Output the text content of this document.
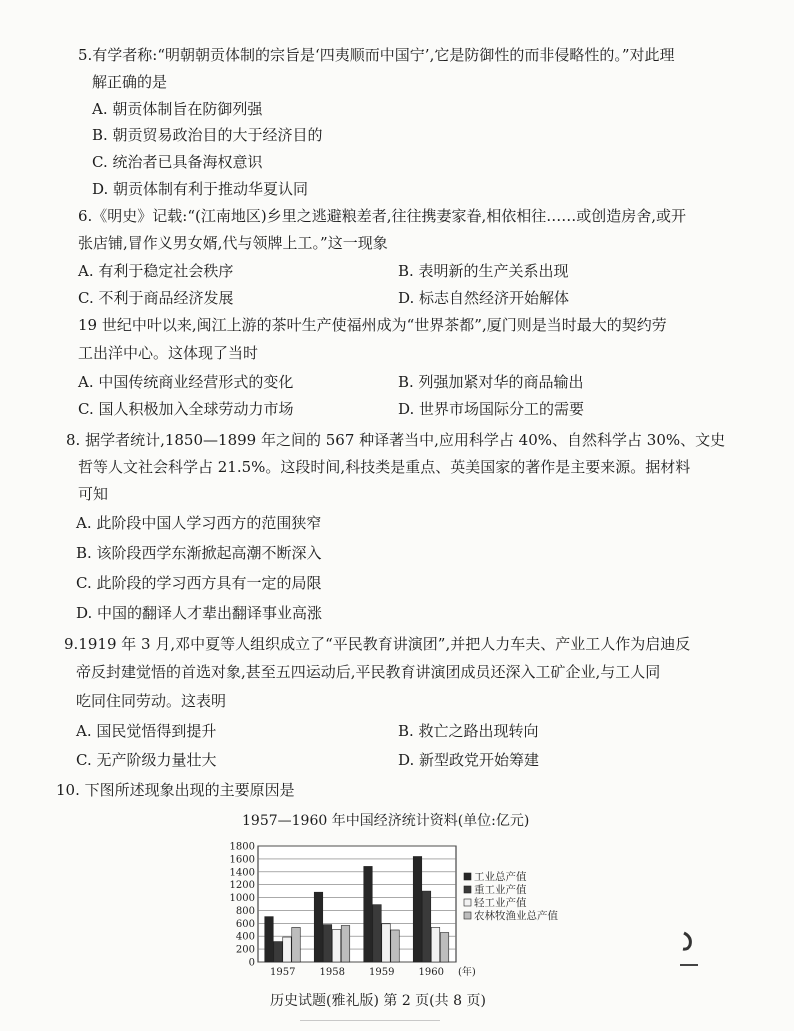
5.有学者称:“明朝朝贡体制的宗旨是‘四夷顺而中国宁’,它是防御性的而非侵略性的。”对此理
解正确的是
A. 朝贡体制旨在防御列强
B. 朝贡贸易政治目的大于经济目的
C. 统治者已具备海权意识
D. 朝贡体制有利于推动华夏认同
6.《明史》记载:“(江南地区)乡里之逃避粮差者,往往携妻家眷,相依相往……或创造房舍,或开
张店铺,冒作义男女婿,代与领牌上工。”这一现象
A. 有利于稳定社会秩序	B. 表明新的生产关系出现
C. 不利于商品经济发展	D. 标志自然经济开始解体
19 世纪中叶以来,闽江上游的茶叶生产使福州成为“世界茶都”,厦门则是当时最大的契约劳
工出洋中心。这体现了当时
A. 中国传统商业经营形式的变化	B. 列强加紧对华的商品输出
C. 国人积极加入全球劳动力市场	D. 世界市场国际分工的需要
8. 据学者统计,1850—1899 年之间的 567 种译著当中,应用科学占 40%、自然科学占 30%、文史
哲等人文社会科学占 21.5%。这段时间,科技类是重点、英美国家的著作是主要来源。据材料
可知
A. 此阶段中国人学习西方的范围狭窄
B. 该阶段西学东渐掀起高潮不断深入
C. 此阶段的学习西方具有一定的局限
D. 中国的翻译人才辈出翻译事业高涨
9.1919 年 3 月,邓中夏等人组织成立了“平民教育讲演团”,并把人力车夫、产业工人作为启迪反
帝反封建觉悟的首选对象,甚至五四运动后,平民教育讲演团成员还深入工矿企业,与工人同
吃同住同劳动。这表明
A. 国民觉悟得到提升	B. 救亡之路出现转向
C. 无产阶级力量壮大	D. 新型政党开始筹建
10. 下图所述现象出现的主要原因是
1957—1960 年中国经济统计资料(单位:亿元)
0
200
400
600
800
1000
1200
1400
1600
1800
1957 1958 1959 1960 (年)
工业总产值
重工业产值
轻工业产值
农林牧渔业总产值
历史试题(雅礼版) 第 2 页(共 8 页)
